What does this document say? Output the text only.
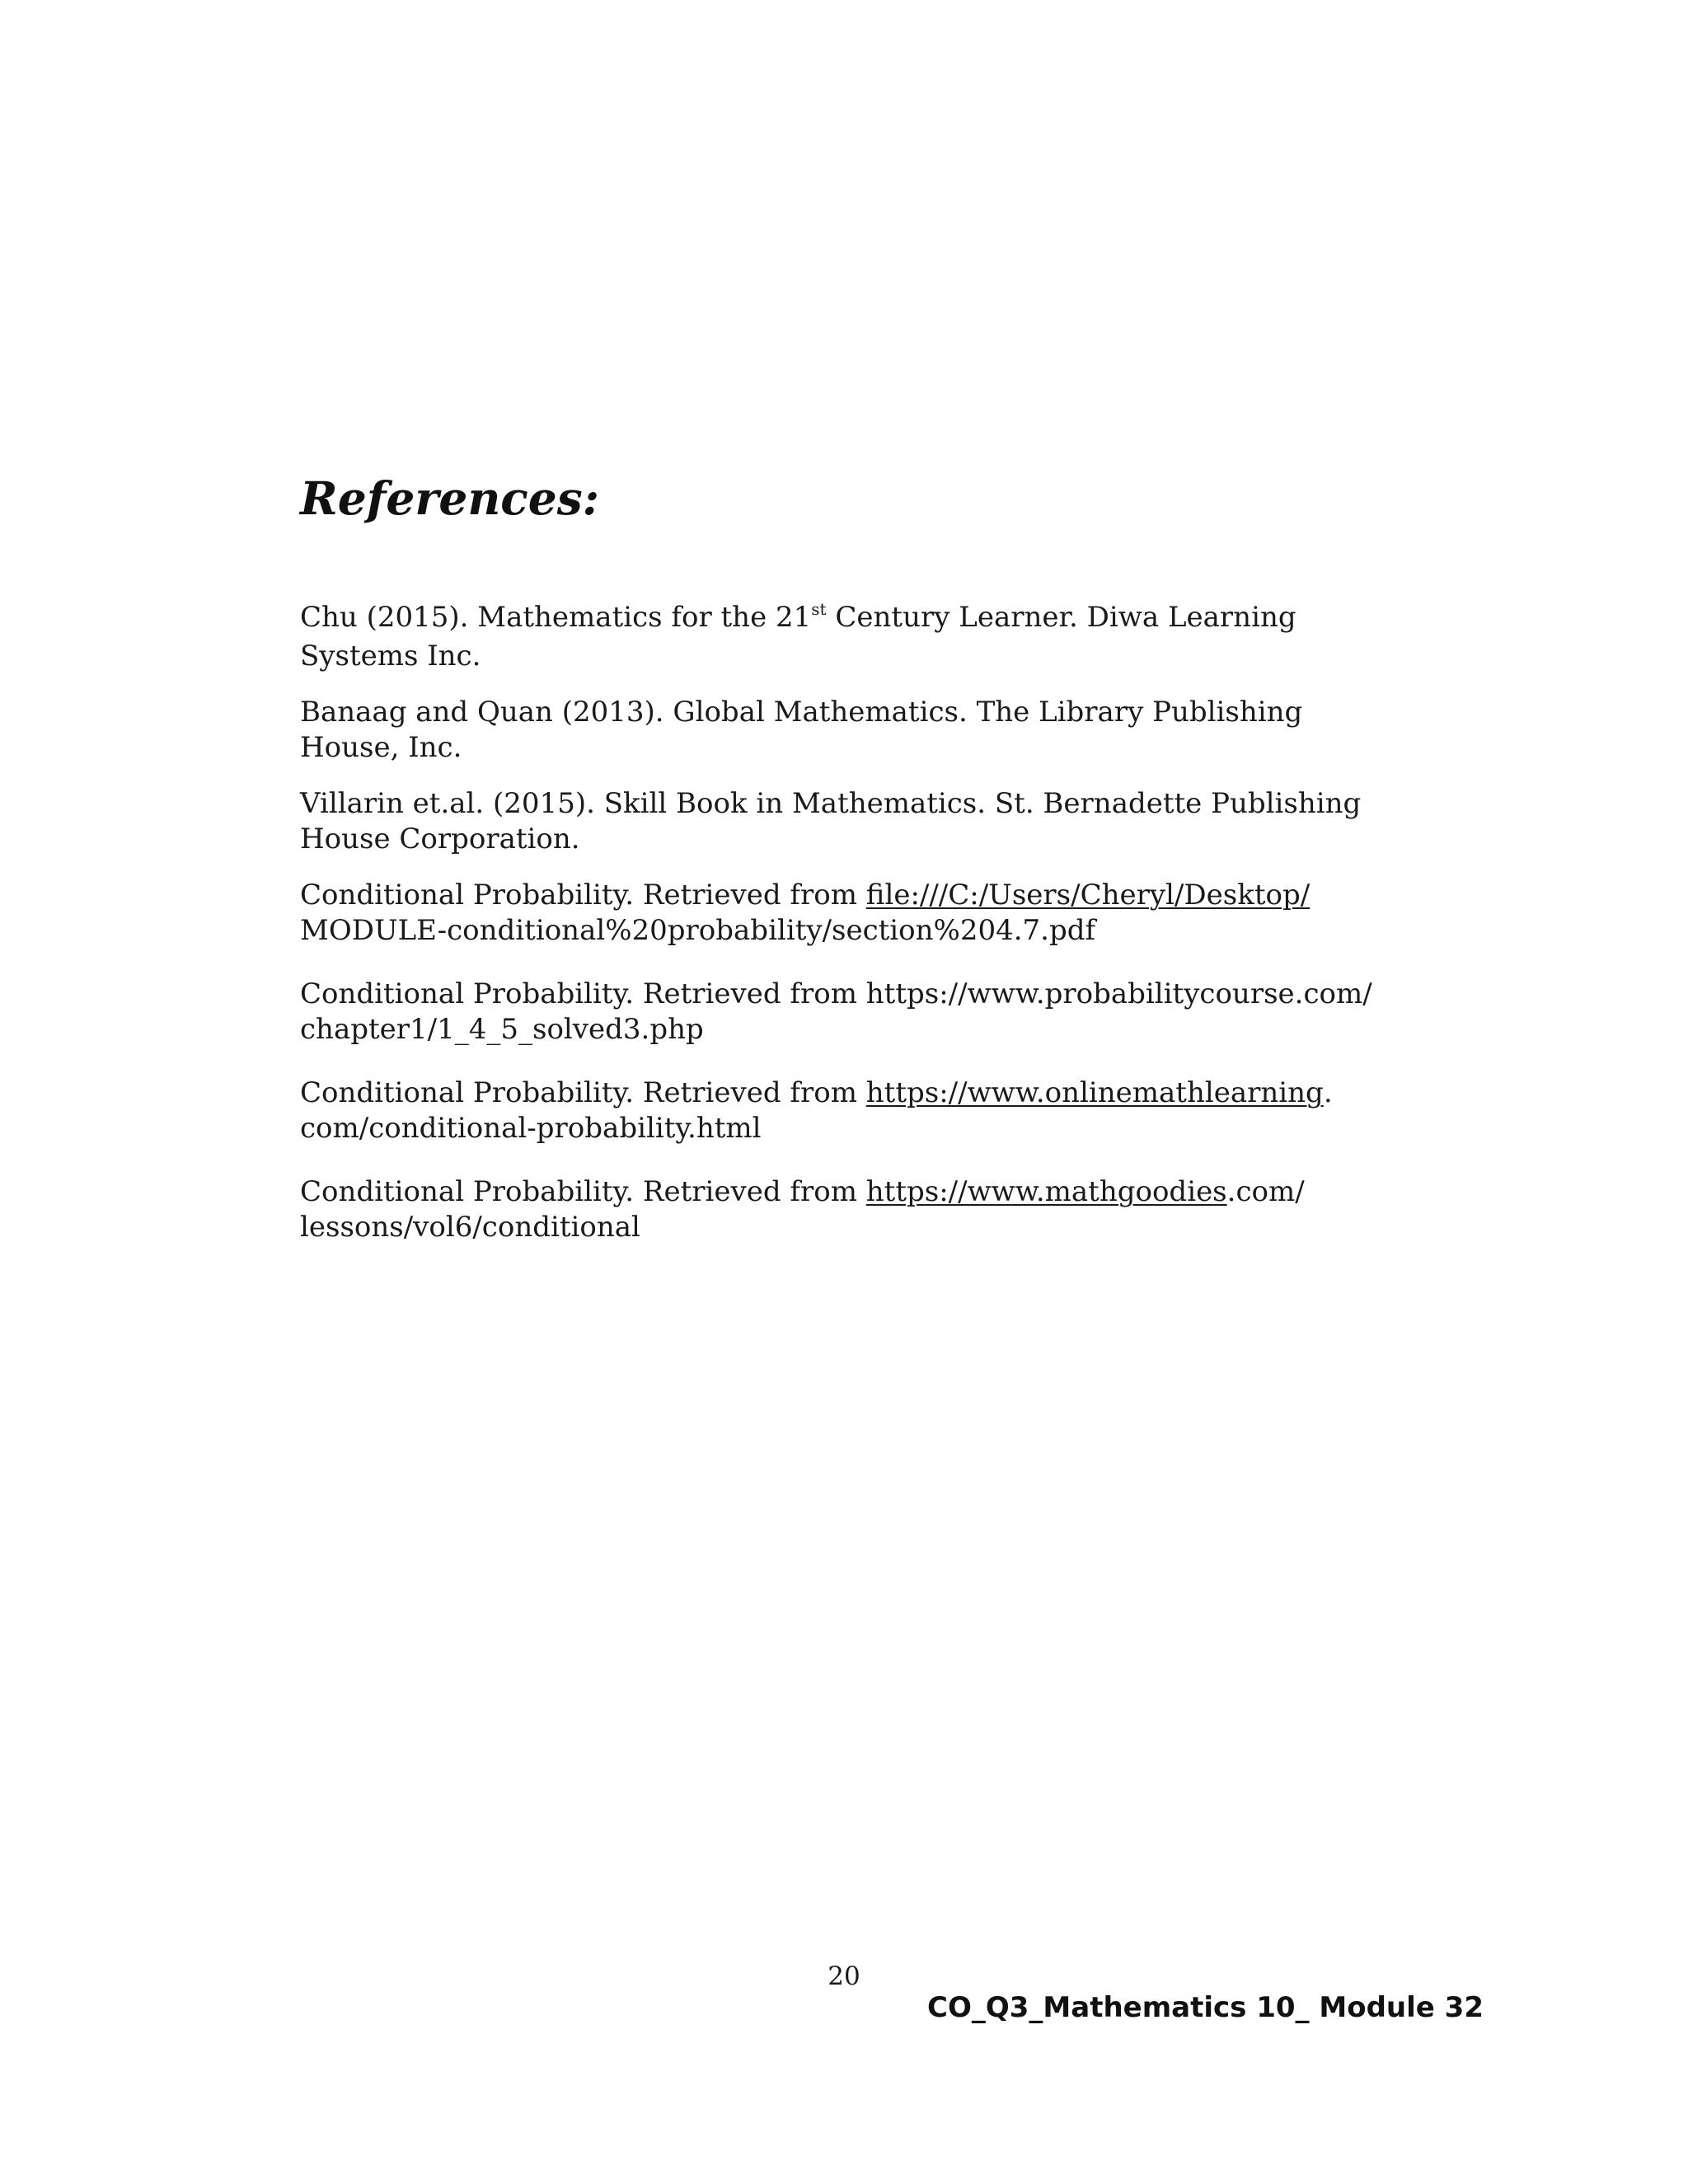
References:
Chu (2015). Mathematics for the 21st Century Learner. Diwa Learning
Systems Inc.
Banaag and Quan (2013). Global Mathematics. The Library Publishing
House, Inc.
Villarin et.al. (2015). Skill Book in Mathematics. St. Bernadette Publishing
House Corporation.
Conditional Probability. Retrieved from file:///C:/Users/Cheryl/Desktop/
MODULE-conditional%20probability/section%204.7.pdf
Conditional Probability. Retrieved from https://www.probabilitycourse.com/
chapter1/1_4_5_solved3.php
Conditional Probability. Retrieved from https://www.onlinemathlearning.
com/conditional-probability.html
Conditional Probability. Retrieved from https://www.mathgoodies.com/
lessons/vol6/conditional
20
CO_Q3_Mathematics 10_ Module 32
